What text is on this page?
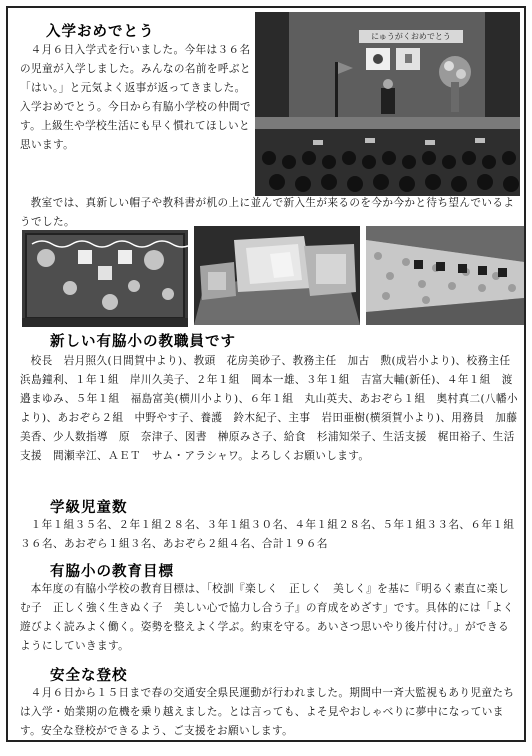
入学おめでとう

４月６日入学式を行いました。今年は３６名の児童が入学しました。みんなの名前を呼ぶと「はい。」と元気よく返事が返ってきました。入学おめでとう。今日から有脇小学校の仲間です。上級生や学校生活にも早く慣れてほしいと思います。

にゅうがくおめでとう

教室では、真新しい帽子や教科書が机の上に並んで新入生が来るのを今か今かと待ち望んでいるようでした。

新しい有脇小の教職員です

校長　岩月照久(日間賀中より)、教頭　花房美砂子、教務主任　加古　勲(成岩小より)、校務主任　浜島鐘利、１年１組　岸川久美子、２年１組　岡本一雄、３年１組　吉富大輔(新任)、４年１組　渡邉まゆみ、５年１組　福島富美(横川小より)、６年１組　丸山英夫、あおぞら１組　奥村真二(八幡小より)、あおぞら２組　中野やす子、養護　鈴木紀子、主事　岩田亜樹(横須賀小より)、用務員　加藤美香、少人数指導　原　奈津子、図書　榊原みさ子、給食　杉浦知栄子、生活支援　梶田裕子、生活支援　間瀬幸江、ＡＥＴ　サム・アラシャワ。よろしくお願いします。

学級児童数

１年１組３５名、２年１組２８名、３年１組３０名、４年１組２８名、５年１組３３名、６年１組３６名、あおぞら１組３名、あおぞら２組４名、合計１９６名

有脇小の教育目標

本年度の有脇小学校の教育目標は、「校訓『楽しく　正しく　美しく』を基に『明るく素直に楽しむ子　正しく強く生きぬく子　美しい心で協力し合う子』の育成をめざす」です。具体的には「よく遊びよく読みよく働く。姿勢を整えよく学ぶ。約束を守る。あいさつ思いやり後片付け。」ができるようにしていきます。

安全な登校

４月６日から１５日まで春の交通安全県民運動が行われました。期間中一斉大監視もあり児童たちは入学・始業期の危機を乗り越えました。とは言っても、よそ見やおしゃべりに夢中になっています。安全な登校ができるよう、ご支援をお願いします。
